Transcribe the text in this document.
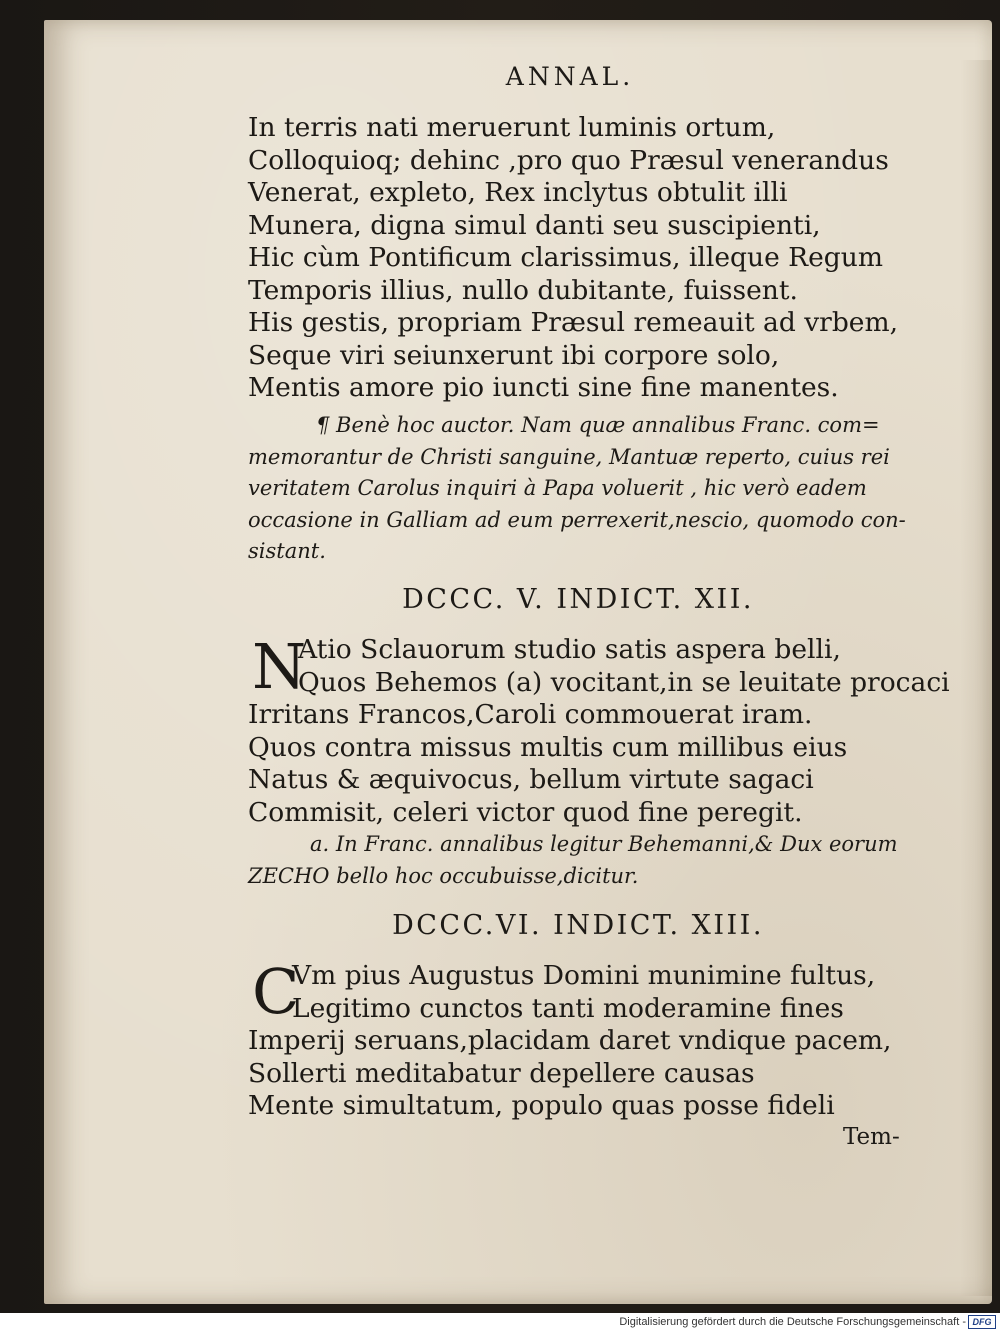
ANNAL.

In terris nati meruerunt luminis ortum,

Colloquioq; dehinc ,pro quo Præsul venerandus

Venerat, expleto, Rex inclytus obtulit illi

Munera, digna simul danti seu suscipienti,

Hic cùm Pontificum clarissimus, illeque Regum

Temporis illius, nullo dubitante, fuissent.

His gestis, propriam Præsul remeauit ad vrbem,

Seque viri seiunxerunt ibi corpore solo,

Mentis amore pio iuncti sine fine manentes.

¶ Benè hoc auctor. Nam quæ annalibus Franc. com=

memorantur de Christi sanguine, Mantuæ reperto, cuius rei

veritatem Carolus inquiri à Papa voluerit , hic verò eadem

occasione in Galliam ad eum perrexerit,nescio, quomodo con-

sistant.

DCCC. V. INDICT. XII.
N

Atio Sclauorum studio satis aspera belli,

Quos Behemos (a) vocitant,in se leuitate procaci

Irritans Francos,Caroli commouerat iram.

Quos contra missus multis cum millibus eius

Natus & æquivocus, bellum virtute sagaci

Commisit, celeri victor quod fine peregit.

a. In Franc. annalibus legitur Behemanni,& Dux eorum

ZECHO bello hoc occubuisse,dicitur.

DCCC.VI. INDICT. XIII.
C

Vm pius Augustus Domini munimine fultus,

Legitimo cunctos tanti moderamine fines

Imperij seruans,placidam daret vndique pacem,

Sollerti meditabatur depellere causas

Mente simultatum, populo quas posse fideli

Tem-
Digitalisierung gefördert durch die Deutsche Forschungsgemeinschaft - DFG
